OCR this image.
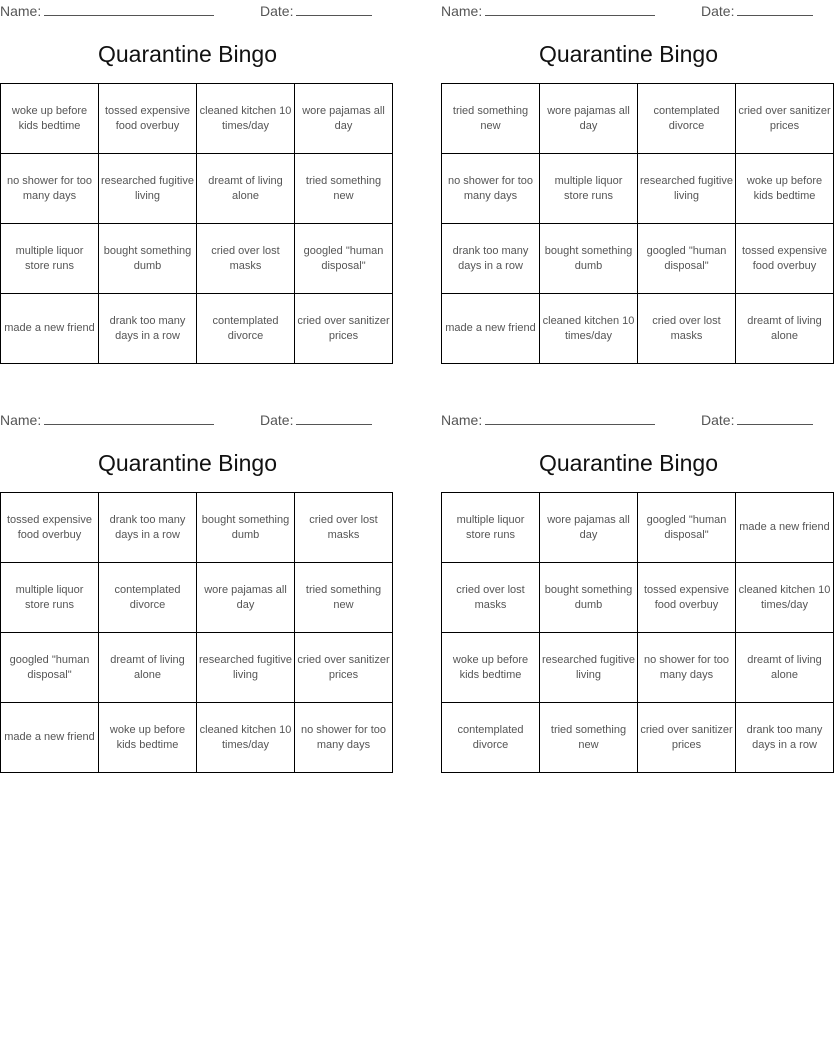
Name:	Date:
Quarantine Bingo
woke up before kids bedtime	tossed expensive food overbuy	cleaned kitchen 10 times/day	wore pajamas all day
no shower for too many days	researched fugitive living	dreamt of living alone	tried something new
multiple liquor store runs	bought something dumb	cried over lost masks	googled "human disposal"
made a new friend	drank too many days in a row	contemplated divorce	cried over sanitizer prices
Name:	Date:
Quarantine Bingo
tried something new	wore pajamas all day	contemplated divorce	cried over sanitizer prices
no shower for too many days	multiple liquor store runs	researched fugitive living	woke up before kids bedtime
drank too many days in a row	bought something dumb	googled "human disposal"	tossed expensive food overbuy
made a new friend	cleaned kitchen 10 times/day	cried over lost masks	dreamt of living alone
Name:	Date:
Quarantine Bingo
tossed expensive food overbuy	drank too many days in a row	bought something dumb	cried over lost masks
multiple liquor store runs	contemplated divorce	wore pajamas all day	tried something new
googled "human disposal"	dreamt of living alone	researched fugitive living	cried over sanitizer prices
made a new friend	woke up before kids bedtime	cleaned kitchen 10 times/day	no shower for too many days
Name:	Date:
Quarantine Bingo
multiple liquor store runs	wore pajamas all day	googled "human disposal"	made a new friend
cried over lost masks	bought something dumb	tossed expensive food overbuy	cleaned kitchen 10 times/day
woke up before kids bedtime	researched fugitive living	no shower for too many days	dreamt of living alone
contemplated divorce	tried something new	cried over sanitizer prices	drank too many days in a row
